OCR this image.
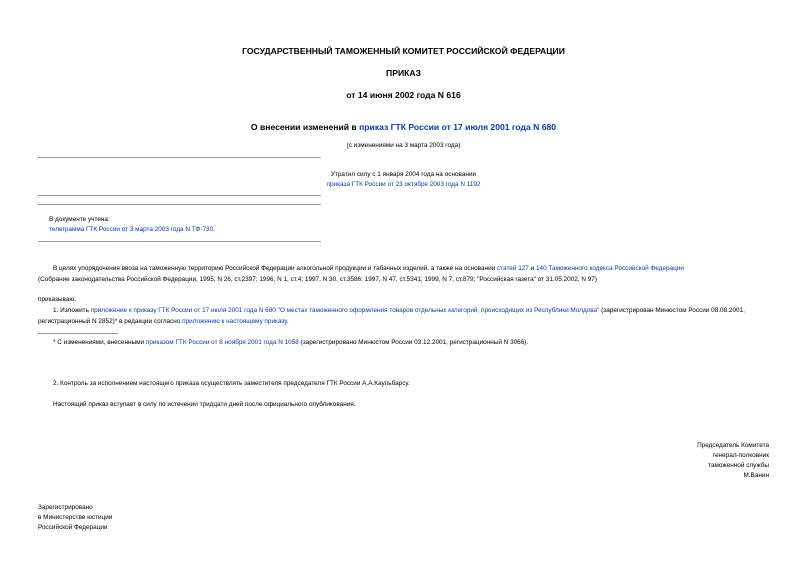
ГОСУДАРСТВЕННЫЙ ТАМОЖЕННЫЙ КОМИТЕТ РОССИЙСКОЙ ФЕДЕРАЦИИ
ПРИКАЗ
от 14 июня 2002 года N 616
О внесении изменений в приказ ГТК России от 17 июля 2001 года N 680
(с изменениями на 3 марта 2003 года)
Утратил силу с 1 января 2004 года на основании
приказа ГТК России от 23 октября 2003 года N 1192
В документе учтена:
телеграмма ГТК России от 3 марта 2003 года N ТФ-730.
В целях упорядочения ввоза на таможенную территорию Российской Федерации алкогольной продукции и табачных изделий, а также на основании статей 127 и 140 Таможенного кодекса Российской Федерации
(Собрание законодательства Российской Федерации, 1995, N 26, ст.2397; 1996, N 1, ст.4; 1997, N 30, ст.3586; 1997, N 47, ст.5341; 1999, N 7, ст.879; "Российская газета" от 31.05.2002, N 97)
приказываю:
1. Изложить приложение к приказу ГТК России от 17 июля 2001 года N 680 "О местах таможенного оформления товаров отдельных категорий, происходящих из Республики Молдова" (зарегистрирован Минюстом России 08.08.2001, регистрационный N 2852)* в редакции согласно приложению к настоящему приказу.
* С изменениями, внесенными приказом ГТК России от 8 ноября 2001 года N 1058 (зарегистрировано Минюстом России 03.12.2001, регистрационный N 3066).
2. Контроль за исполнением настоящего приказа осуществлять заместителя председателя ГТК России А.А.Каульбарсу.
Настоящий приказ вступает в силу по истечении тридцати дней после официального опубликования.
Председатель Комитета
генерал-полковник
таможенной службы
М.Ванин
Зарегистрировано
в Министерстве юстиции
Российской Федерации
